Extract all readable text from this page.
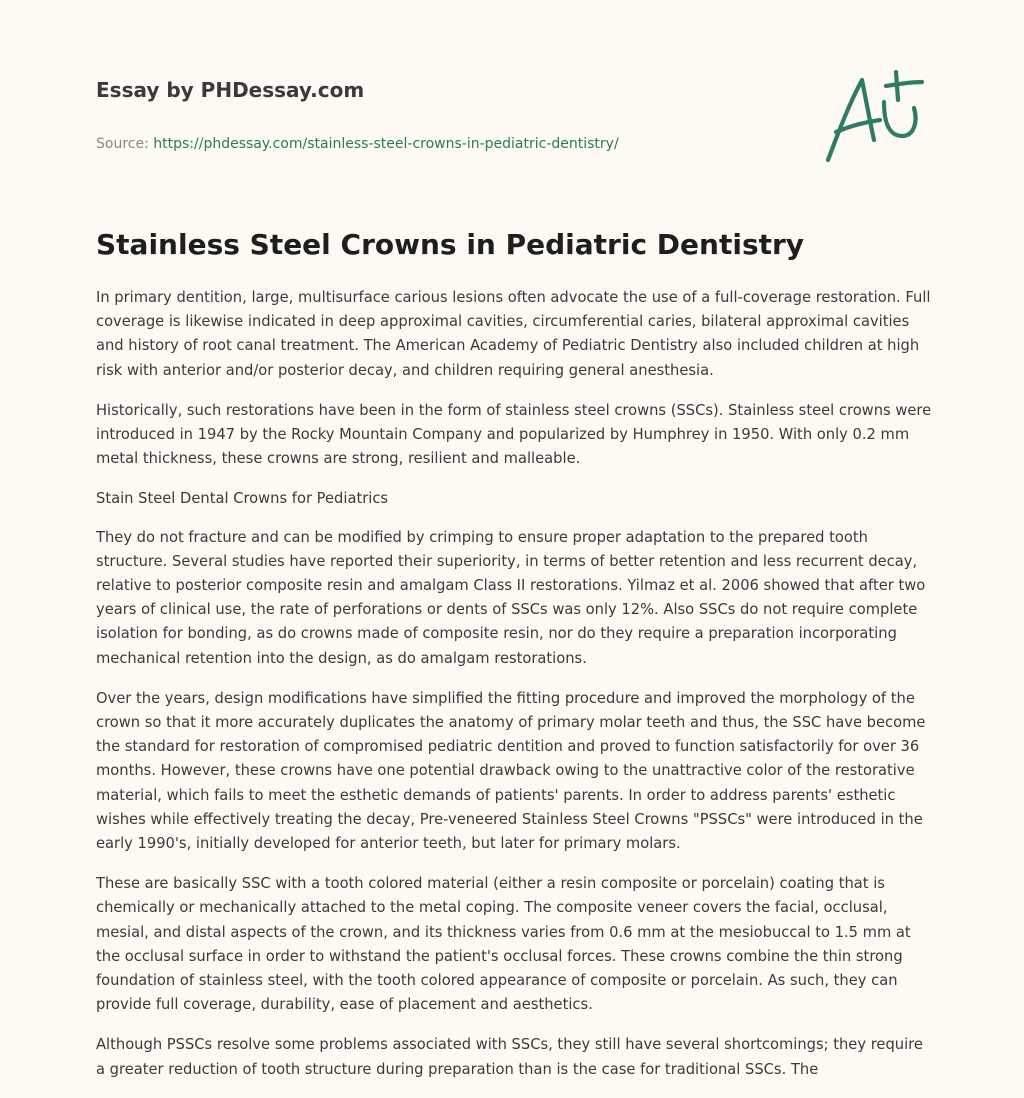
Essay by PHDessay.com
Source: https://phdessay.com/stainless-steel-crowns-in-pediatric-dentistry/
Stainless Steel Crowns in Pediatric Dentistry

In primary dentition, large, multisurface carious lesions often advocate the use of a full-coverage restoration. Full coverage is likewise indicated in deep approximal cavities, circumferential caries, bilateral approximal cavities and history of root canal treatment. The American Academy of Pediatric Dentistry also included children at high risk with anterior and/or posterior decay, and children requiring general anesthesia.

Historically, such restorations have been in the form of stainless steel crowns (SSCs). Stainless steel crowns were introduced in 1947 by the Rocky Mountain Company and popularized by Humphrey in 1950. With only 0.2 mm metal thickness, these crowns are strong, resilient and malleable.

Stain Steel Dental Crowns for Pediatrics

They do not fracture and can be modified by crimping to ensure proper adaptation to the prepared tooth structure. Several studies have reported their superiority, in terms of better retention and less recurrent decay, relative to posterior composite resin and amalgam Class II restorations. Yilmaz et al. 2006 showed that after two years of clinical use, the rate of perforations or dents of SSCs was only 12%. Also SSCs do not require complete isolation for bonding, as do crowns made of composite resin, nor do they require a preparation incorporating mechanical retention into the design, as do amalgam restorations.

Over the years, design modifications have simplified the fitting procedure and improved the morphology of the crown so that it more accurately duplicates the anatomy of primary molar teeth and thus, the SSC have become the standard for restoration of compromised pediatric dentition and proved to function satisfactorily for over 36 months. However, these crowns have one potential drawback owing to the unattractive color of the restorative material, which fails to meet the esthetic demands of patients' parents. In order to address parents' esthetic wishes while effectively treating the decay, Pre-veneered Stainless Steel Crowns "PSSCs" were introduced in the early 1990's, initially developed for anterior teeth, but later for primary molars.

These are basically SSC with a tooth colored material (either a resin composite or porcelain) coating that is chemically or mechanically attached to the metal coping. The composite veneer covers the facial, occlusal, mesial, and distal aspects of the crown, and its thickness varies from 0.6 mm at the mesiobuccal to 1.5 mm at the occlusal surface in order to withstand the patient's occlusal forces. These crowns combine the thin strong foundation of stainless steel, with the tooth colored appearance of composite or porcelain. As such, they can provide full coverage, durability, ease of placement and aesthetics.

Although PSSCs resolve some problems associated with SSCs, they still have several shortcomings; they require a greater reduction of tooth structure during preparation than is the case for traditional SSCs. The
